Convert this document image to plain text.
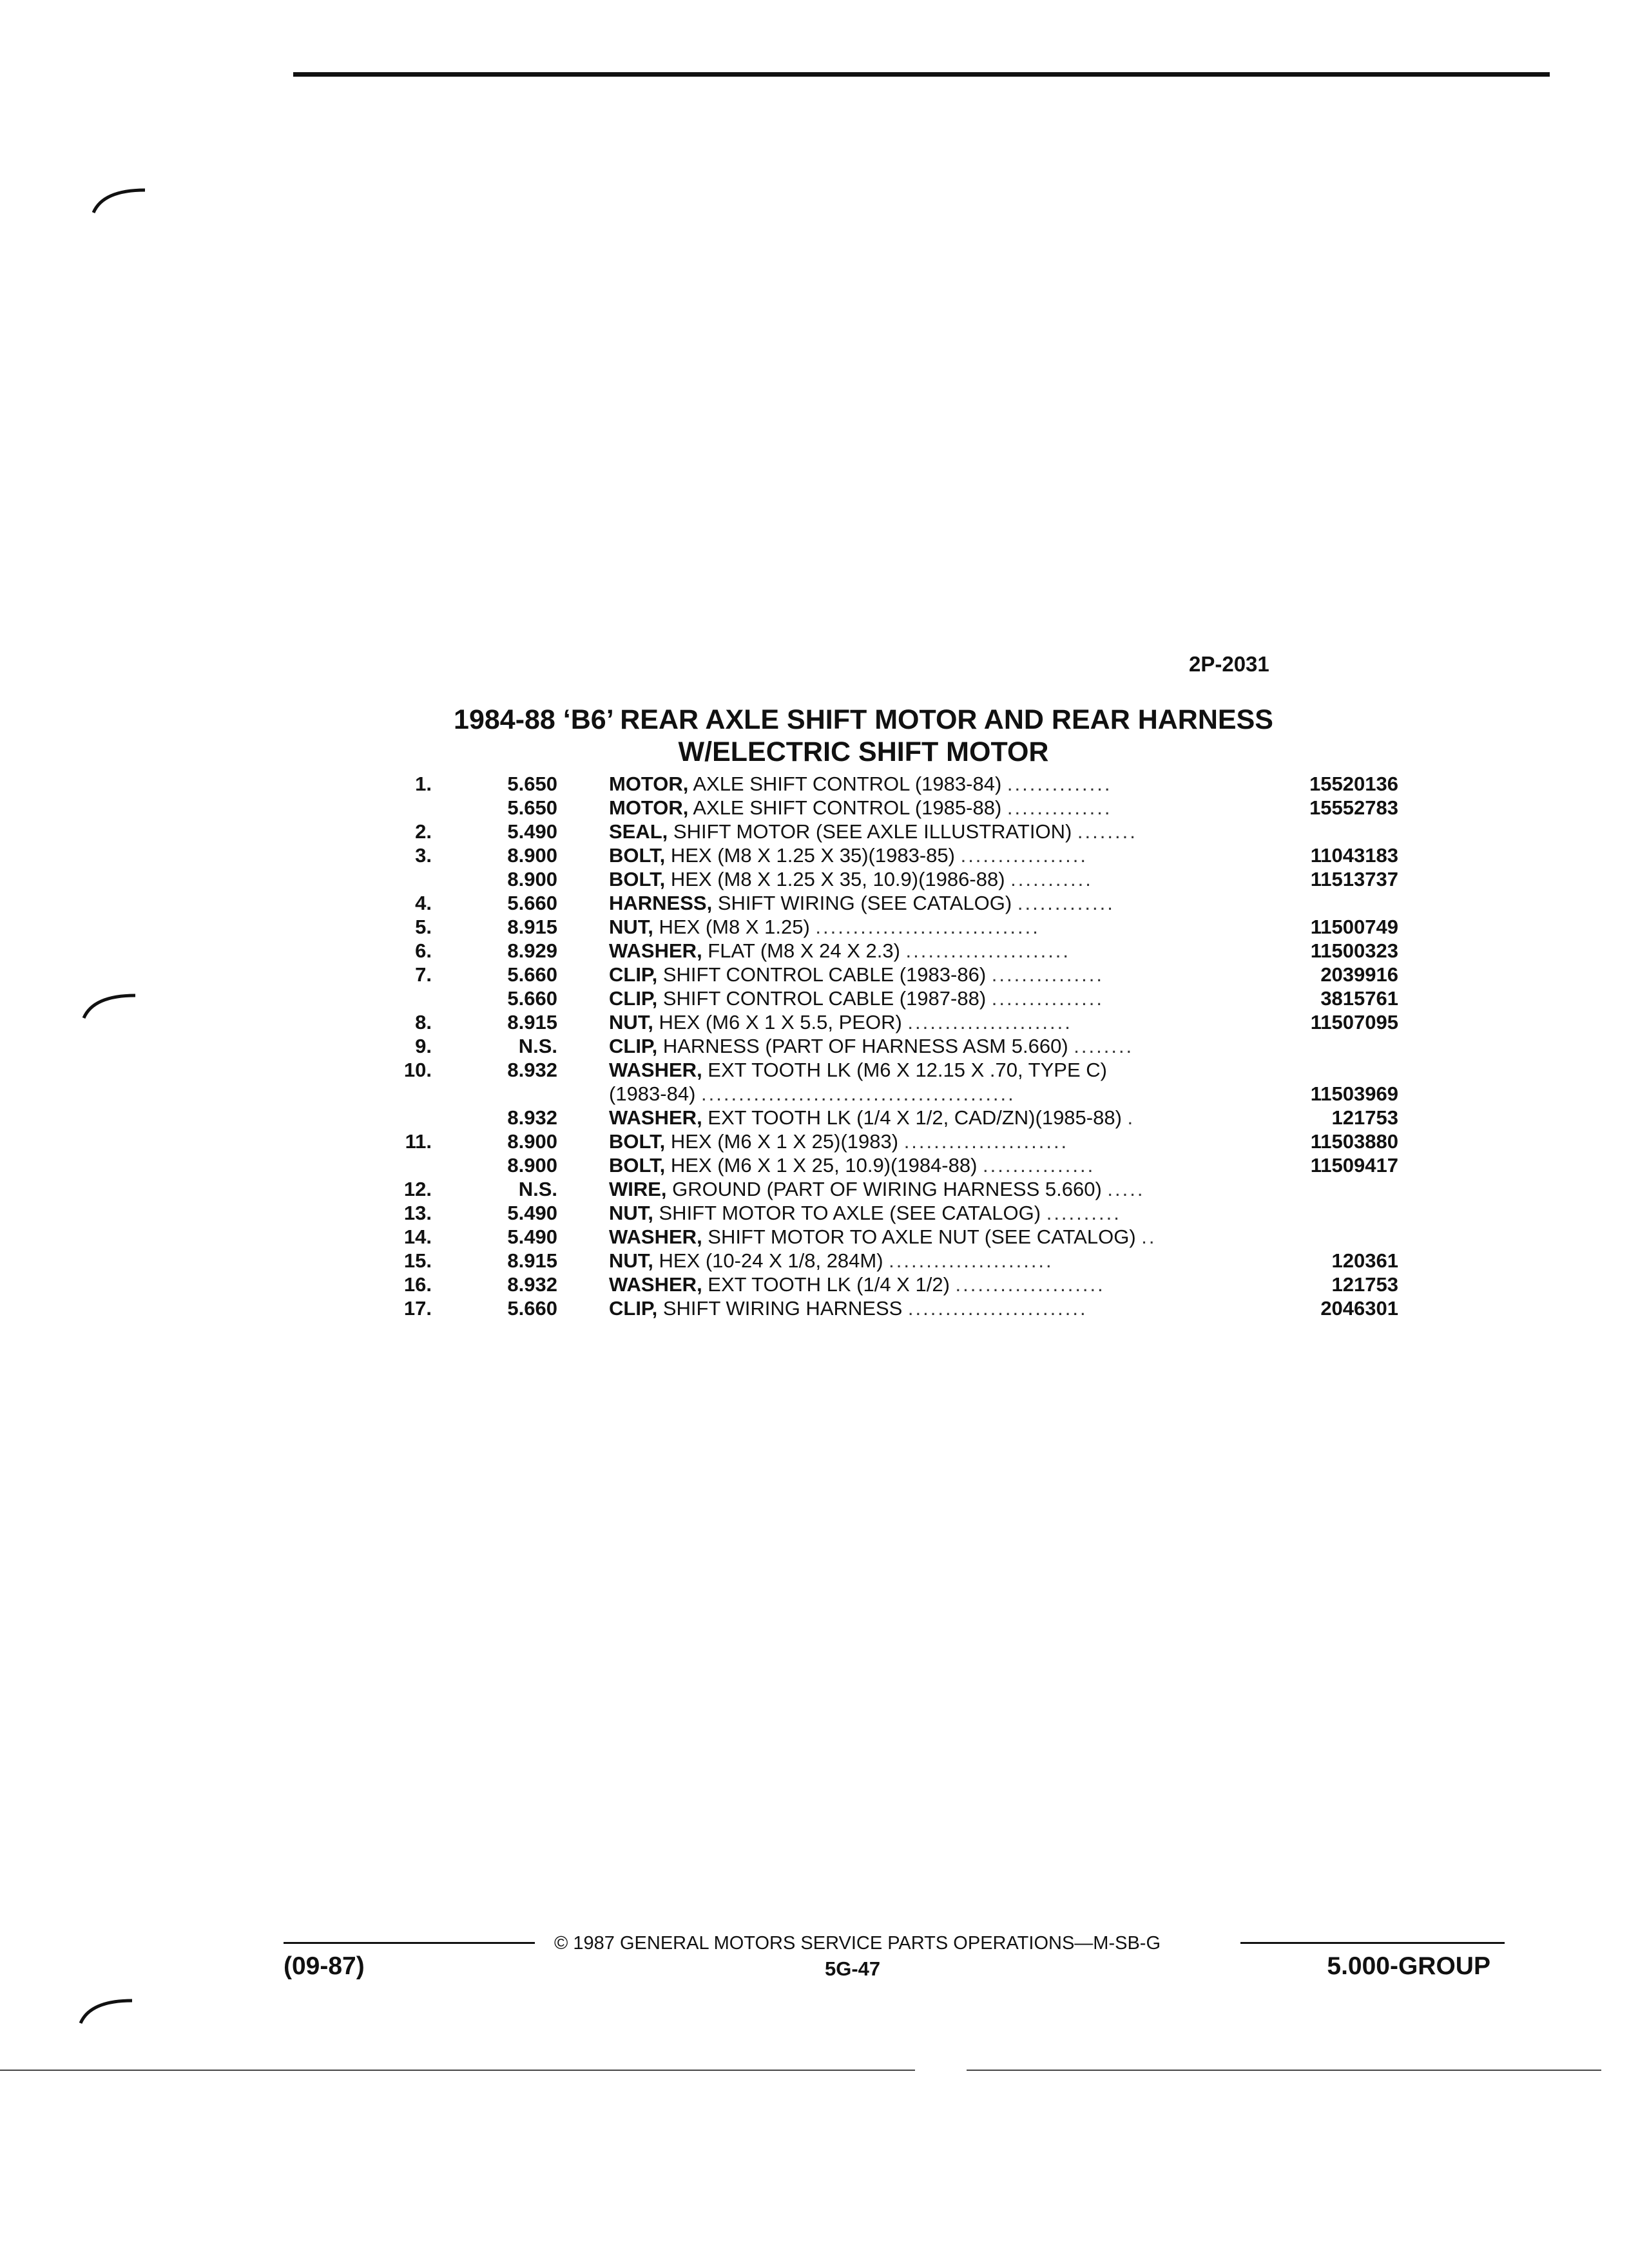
2P-2031
1984-88 ‘B6’ REAR AXLE SHIFT MOTOR AND REAR HARNESS
W/ELECTRIC SHIFT MOTOR
1.	5.650	MOTOR, AXLE SHIFT CONTROL (1983-84) ..............	15520136
5.650	MOTOR, AXLE SHIFT CONTROL (1985-88) ..............	15552783
2.	5.490	SEAL, SHIFT MOTOR (SEE AXLE ILLUSTRATION) ........
3.	8.900	BOLT, HEX (M8 X 1.25 X 35)(1983-85) .................	11043183
8.900	BOLT, HEX (M8 X 1.25 X 35, 10.9)(1986-88) ...........	11513737
4.	5.660	HARNESS, SHIFT WIRING (SEE CATALOG) .............
5.	8.915	NUT, HEX (M8 X 1.25) ..............................	11500749
6.	8.929	WASHER, FLAT (M8 X 24 X 2.3) ......................	11500323
7.	5.660	CLIP, SHIFT CONTROL CABLE (1983-86) ...............	2039916
5.660	CLIP, SHIFT CONTROL CABLE (1987-88) ...............	3815761
8.	8.915	NUT, HEX (M6 X 1 X 5.5, PEOR) ......................	11507095
9.	N.S.	CLIP, HARNESS (PART OF HARNESS ASM 5.660) ........
10.	8.932	WASHER, EXT TOOTH LK (M6 X 12.15 X .70, TYPE C)
(1983-84) ..........................................	11503969
8.932	WASHER, EXT TOOTH LK (1/4 X 1/2, CAD/ZN)(1985-88) .	121753
11.	8.900	BOLT, HEX (M6 X 1 X 25)(1983) ......................	11503880
8.900	BOLT, HEX (M6 X 1 X 25, 10.9)(1984-88) ...............	11509417
12.	N.S.	WIRE, GROUND (PART OF WIRING HARNESS 5.660) .....
13.	5.490	NUT, SHIFT MOTOR TO AXLE (SEE CATALOG) ..........
14.	5.490	WASHER, SHIFT MOTOR TO AXLE NUT (SEE CATALOG) ..
15.	8.915	NUT, HEX (10-24 X 1/8, 284M) ......................	120361
16.	8.932	WASHER, EXT TOOTH LK (1/4 X 1/2) ....................	121753
17.	5.660	CLIP, SHIFT WIRING HARNESS ........................	2046301
© 1987 GENERAL MOTORS SERVICE PARTS OPERATIONS—M-SB-G
(09-87)	5G-47	5.000-GROUP
